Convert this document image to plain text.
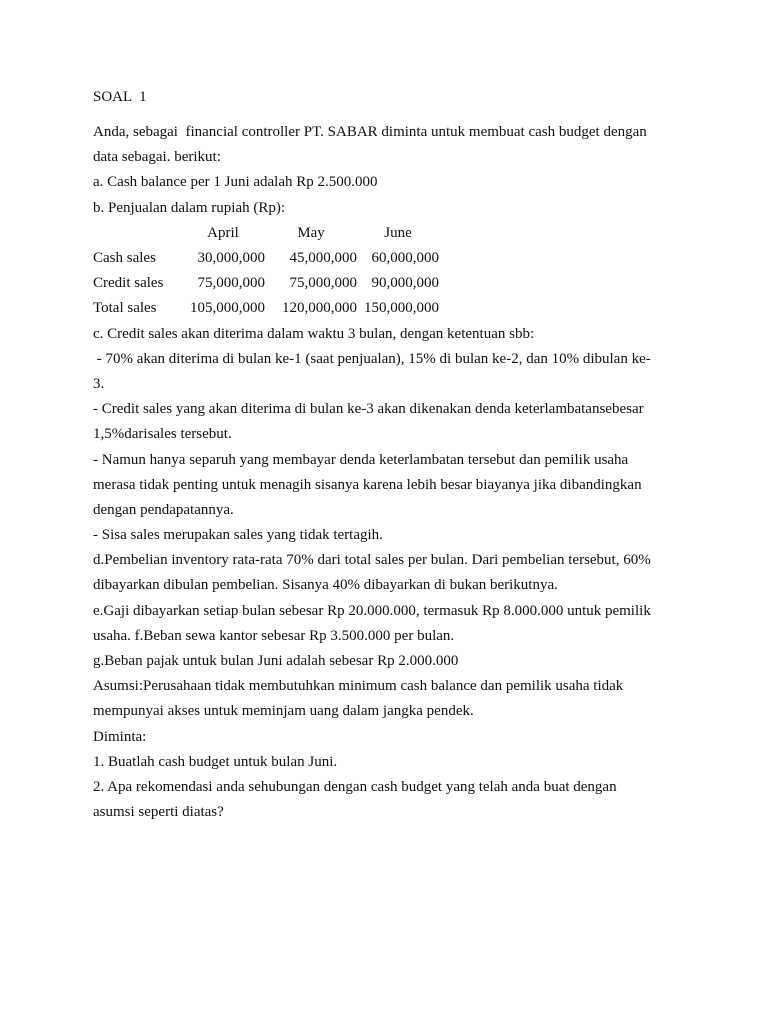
SOAL  1
Anda, sebagai  financial controller PT. SABAR diminta untuk membuat cash budget dengan
data sebagai. berikut:
a. Cash balance per 1 Juni adalah Rp 2.500.000
b. Penjualan dalam rupiah (Rp):
	April	May	June
Cash sales	30,000,000	45,000,000	60,000,000
Credit sales	75,000,000	75,000,000	90,000,000
Total sales	105,000,000	120,000,000	150,000,000
c. Credit sales akan diterima dalam waktu 3 bulan, dengan ketentuan sbb:
- 70% akan diterima di bulan ke-1 (saat penjualan), 15% di bulan ke-2, dan 10% dibulan ke-
3.
- Credit sales yang akan diterima di bulan ke-3 akan dikenakan denda keterlambatansebesar
1,5%darisales tersebut.
- Namun hanya separuh yang membayar denda keterlambatan tersebut dan pemilik usaha
merasa tidak penting untuk menagih sisanya karena lebih besar biayanya jika dibandingkan
dengan pendapatannya.
- Sisa sales merupakan sales yang tidak tertagih.
d.Pembelian inventory rata-rata 70% dari total sales per bulan. Dari pembelian tersebut, 60%
dibayarkan dibulan pembelian. Sisanya 40% dibayarkan di bukan berikutnya.
e.Gaji dibayarkan setiap bulan sebesar Rp 20.000.000, termasuk Rp 8.000.000 untuk pemilik
usaha. f.Beban sewa kantor sebesar Rp 3.500.000 per bulan.
g.Beban pajak untuk bulan Juni adalah sebesar Rp 2.000.000
Asumsi:Perusahaan tidak membutuhkan minimum cash balance dan pemilik usaha tidak
mempunyai akses untuk meminjam uang dalam jangka pendek.
Diminta:
1. Buatlah cash budget untuk bulan Juni.
2. Apa rekomendasi anda sehubungan dengan cash budget yang telah anda buat dengan
asumsi seperti diatas?
